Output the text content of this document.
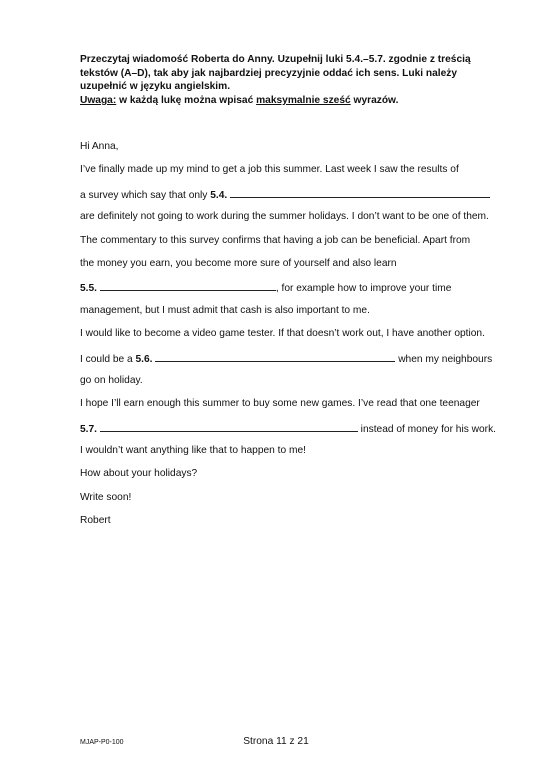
Przeczytaj wiadomość Roberta do Anny. Uzupełnij luki 5.4.–5.7. zgodnie z treścią
tekstów (A–D), tak aby jak najbardziej precyzyjnie oddać ich sens. Luki należy
uzupełnić w języku angielskim.
Uwaga: w każdą lukę można wpisać maksymalnie sześć wyrazów.
Hi Anna,
I’ve finally made up my mind to get a job this summer. Last week I saw the results of
a survey which say that only 5.4.
are definitely not going to work during the summer holidays. I don’t want to be one of them.
The commentary to this survey confirms that having a job can be beneficial. Apart from
the money you earn, you become more sure of yourself and also learn
5.5.	, for example how to improve your time
management, but I must admit that cash is also important to me.
I would like to become a video game tester. If that doesn’t work out, I have another option.
I could be a 5.6.	when my neighbours
go on holiday.
I hope I’ll earn enough this summer to buy some new games. I’ve read that one teenager
5.7.	instead of money for his work.
I wouldn’t want anything like that to happen to me!
How about your holidays?
Write soon!
Robert
MJAP-P0-100	Strona 11 z 21
